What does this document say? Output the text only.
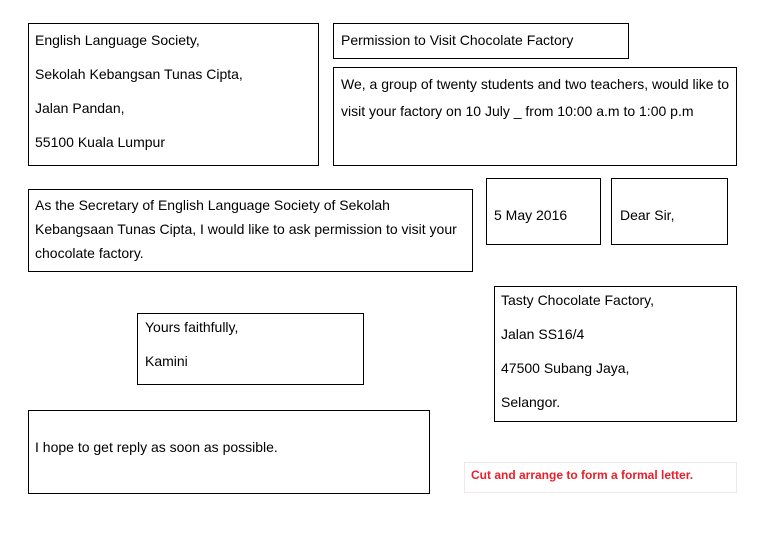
English Language Society,
Sekolah Kebangsan Tunas Cipta,
Jalan Pandan,
55100 Kuala Lumpur
Permission to Visit Chocolate Factory
We, a group of twenty students and two teachers, would like to visit your factory on 10 July _ from 10:00 a.m to 1:00 p.m
As the Secretary of English Language Society of Sekolah Kebangsaan Tunas Cipta, I would like to ask permission to visit your chocolate factory.
5 May 2016	Dear Sir,
Tasty Chocolate Factory,
Jalan SS16/4
47500 Subang Jaya,
Selangor.
Yours faithfully,
Kamini
I hope to get reply as soon as possible.
Cut and arrange to form a formal letter.
